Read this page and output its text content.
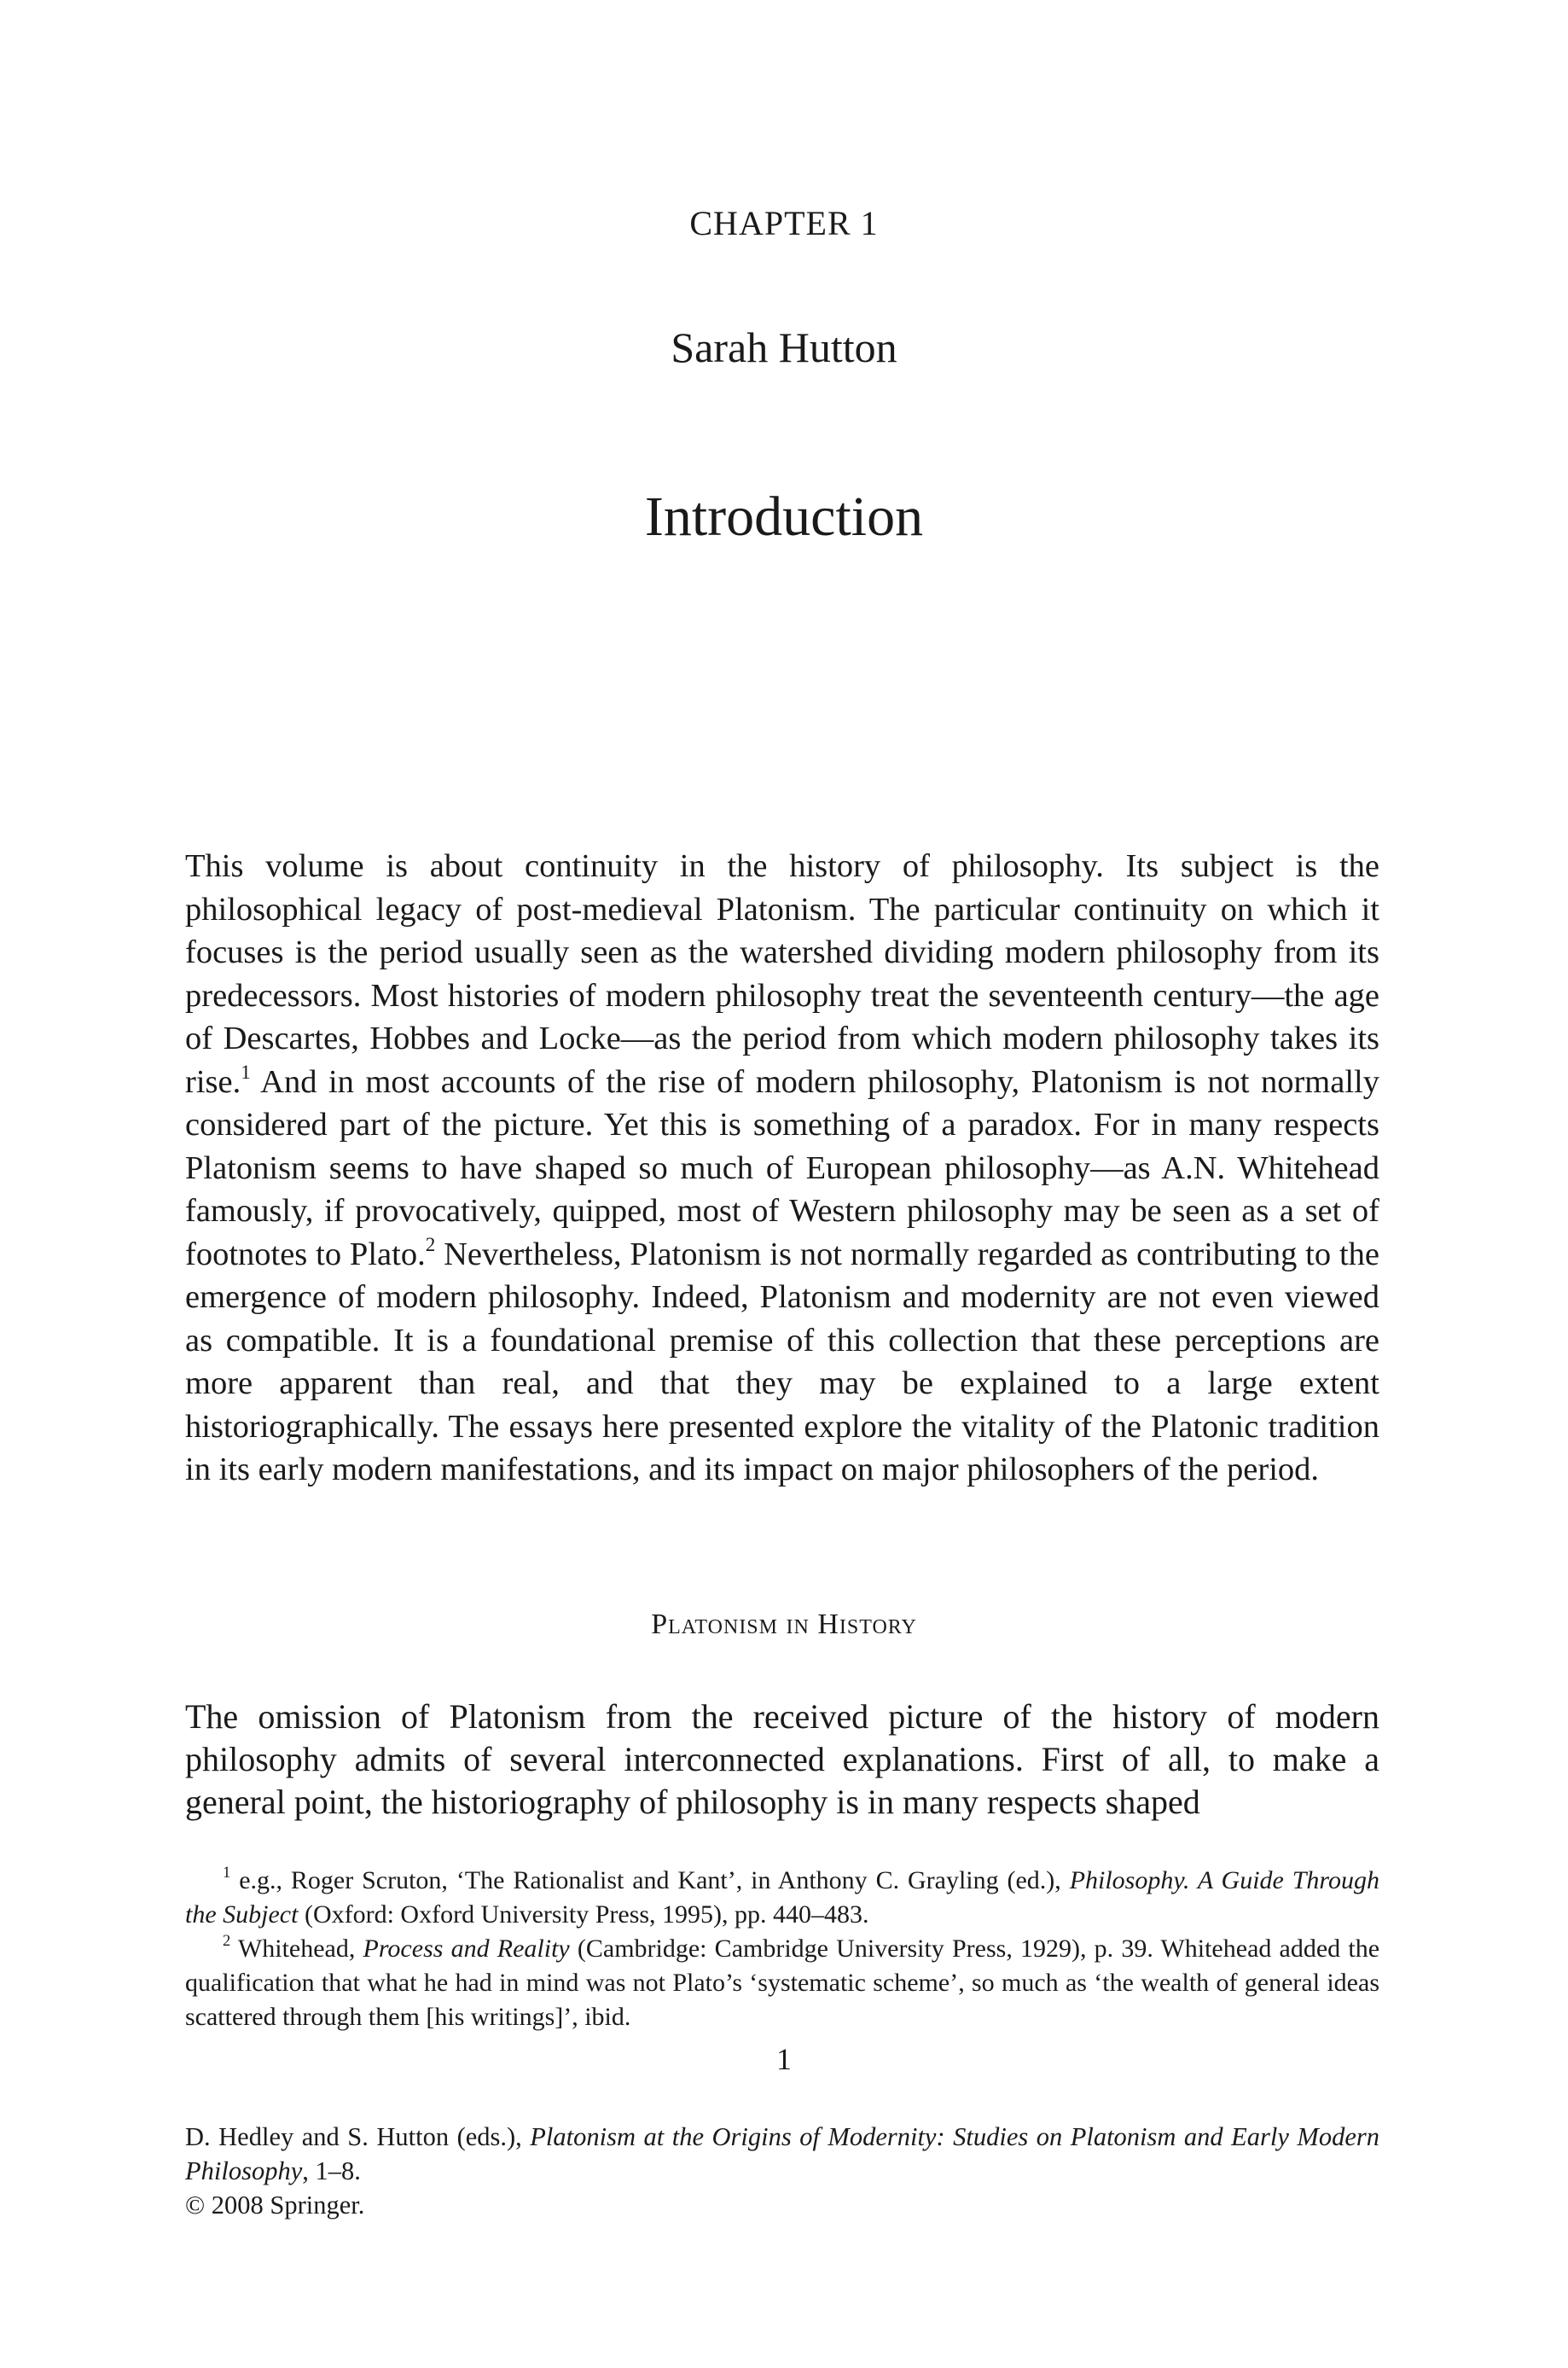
CHAPTER 1
Sarah Hutton
Introduction

This volume is about continuity in the history of philosophy. Its subject is the philosophical legacy of post-medieval Platonism. The particular continuity on which it focuses is the period usually seen as the watershed dividing modern philosophy from its predecessors. Most histories of modern philosophy treat the seventeenth century—the age of Descartes, Hobbes and Locke—as the period from which modern philosophy takes its rise.$^1$ And in most accounts of the rise of modern philosophy, Platonism is not normally considered part of the picture. Yet this is something of a paradox. For in many respects Platonism seems to have shaped so much of European philosophy—as A.N. Whitehead famously, if provocatively, quipped, most of Western philosophy may be seen as a set of footnotes to Plato.$^2$ Nevertheless, Platonism is not normally regarded as contributing to the emergence of modern philosophy. Indeed, Platonism and modernity are not even viewed as compatible. It is a foundational premise of this collection that these perceptions are more apparent than real, and that they may be explained to a large extent historiographically. The essays here presented explore the vitality of the Platonic tradition in its early modern manifestations, and its impact on major philosophers of the period.

Platonism in History

The omission of Platonism from the received picture of the history of modern philosophy admits of several interconnected explanations. First of all, to make a general point, the historiography of philosophy is in many respects shaped

$^1$ e.g., Roger Scruton, ‘The Rationalist and Kant’, in Anthony C. Grayling (ed.), Philosophy. A Guide Through the Subject (Oxford: Oxford University Press, 1995), pp. 440–483.

$^2$ Whitehead, Process and Reality (Cambridge: Cambridge University Press, 1929), p. 39. Whitehead added the qualification that what he had in mind was not Plato’s ‘systematic scheme’, so much as ‘the wealth of general ideas scattered through them [his writings]’, ibid.

1

D. Hedley and S. Hutton (eds.), Platonism at the Origins of Modernity: Studies on Platonism and Early Modern Philosophy, 1–8.

© 2008 Springer.
